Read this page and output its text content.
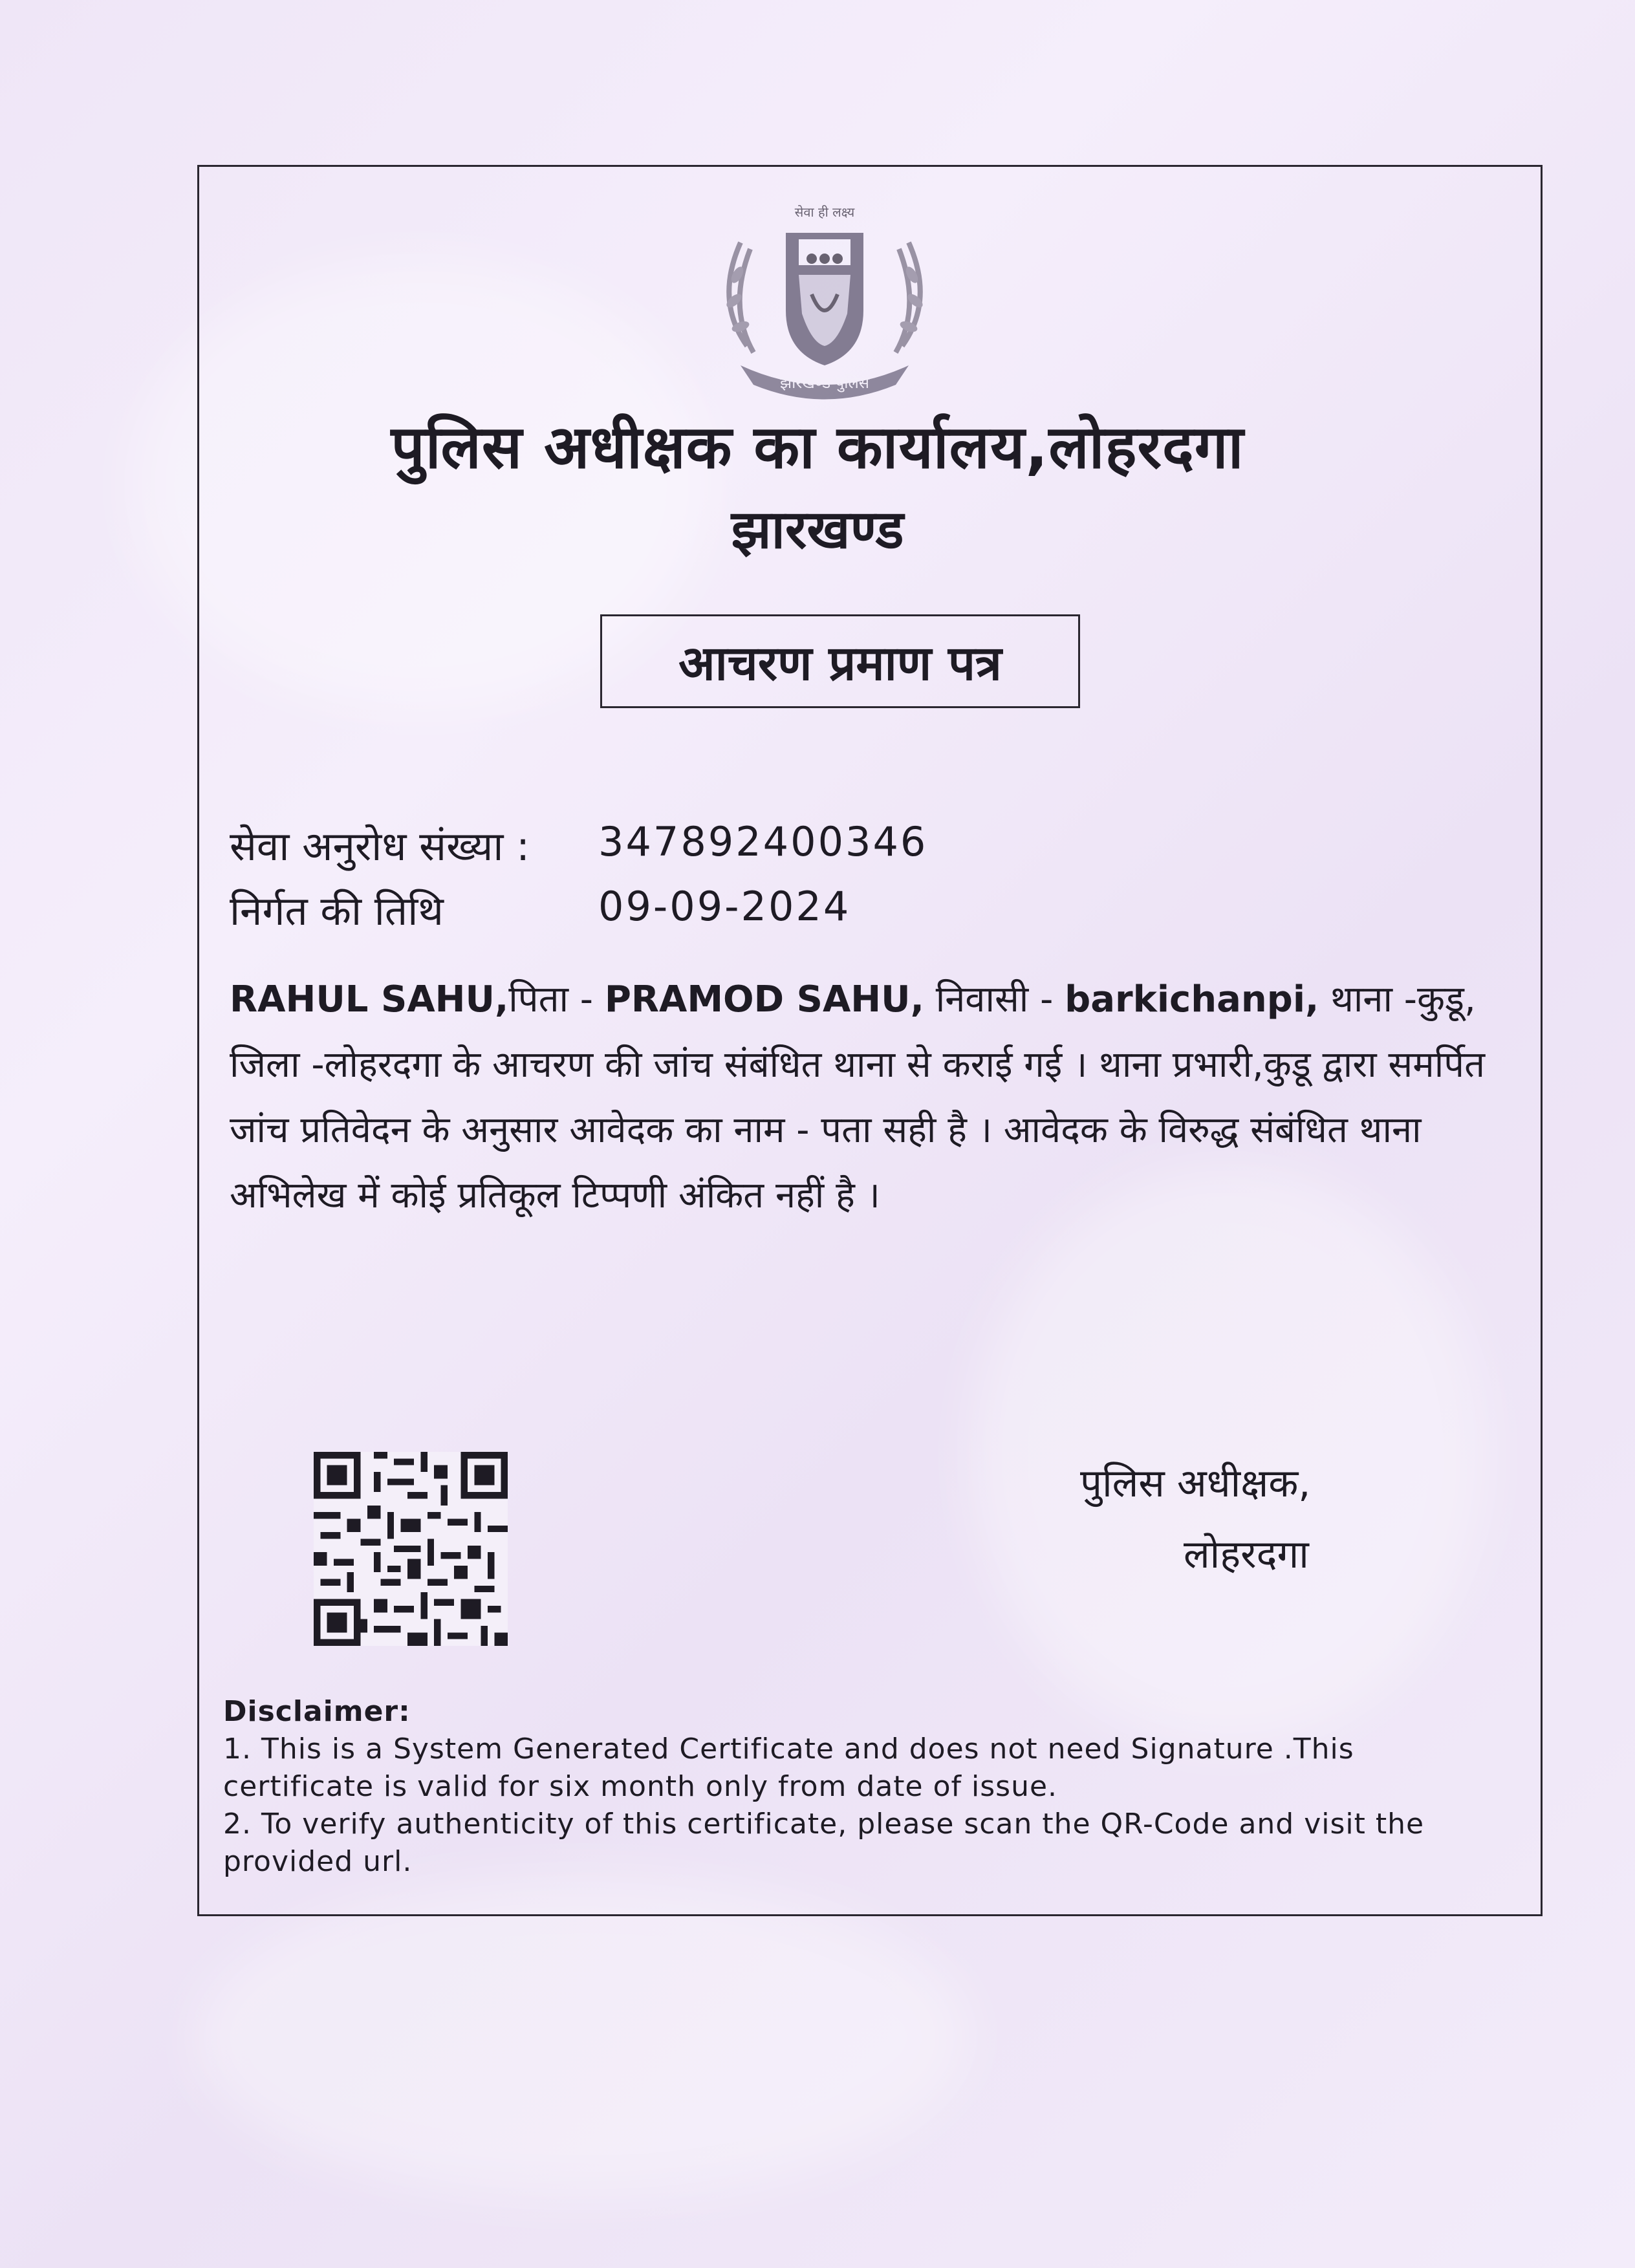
सेवा ही लक्ष्य
झारखण्ड पुलिस
पुलिस अधीक्षक का कार्यालय,लोहरदगा
झारखण्ड
आचरण प्रमाण पत्र
सेवा अनुरोध संख्या : 347892400346
निर्गत की तिथि	09-09-2024
RAHUL SAHU,पिता - PRAMOD SAHU, निवासी - barkichanpi, थाना -कुडू, जिला -लोहरदगा के आचरण की जांच संबंधित थाना से कराई गई । थाना प्रभारी,कुडू द्वारा समर्पित जांच प्रतिवेदन के अनुसार आवेदक का नाम - पता सही है । आवेदक के विरुद्ध संबंधित थाना अभिलेख में कोई प्रतिकूल टिप्पणी अंकित नहीं है ।
पुलिस अधीक्षक,
लोहरदगा
Disclaimer:
1. This is a System Generated Certificate and does not need Signature .This certificate is valid for six month only from date of issue.
2. To verify authenticity of this certificate, please scan the QR-Code and visit the provided url.
